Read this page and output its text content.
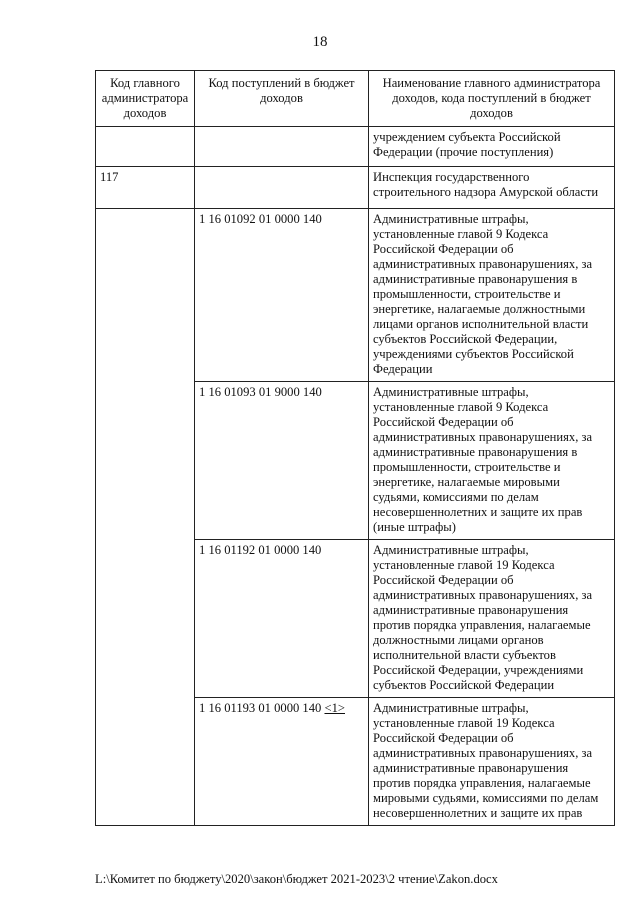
18
Код главного администратора доходов	Код поступлений в бюджет доходов	Наименование главного администратора доходов, кода поступлений в бюджет доходов
		учреждением субъекта Российской Федерации (прочие поступления)
117		Инспекция государственного строительного надзора Амурской области
	1 16 01092 01 0000 140	Административные штрафы, установленные главой 9 Кодекса Российской Федерации об административных правонарушениях, за административные правонарушения в промышленности, строительстве и энергетике, налагаемые должностными лицами органов исполнительной власти субъектов Российской Федерации, учреждениями субъектов Российской Федерации
	1 16 01093 01 9000 140	Административные штрафы, установленные главой 9 Кодекса Российской Федерации об административных правонарушениях, за административные правонарушения в промышленности, строительстве и энергетике, налагаемые мировыми судьями, комиссиями по делам несовершеннолетних и защите их прав (иные штрафы)
	1 16 01192 01 0000 140	Административные штрафы, установленные главой 19 Кодекса Российской Федерации об административных правонарушениях, за административные правонарушения против порядка управления, налагаемые должностными лицами органов исполнительной власти субъектов Российской Федерации, учреждениями субъектов Российской Федерации
	1 16 01193 01 0000 140 <1>	Административные штрафы, установленные главой 19 Кодекса Российской Федерации об административных правонарушениях, за административные правонарушения против порядка управления, налагаемые мировыми судьями, комиссиями по делам несовершеннолетних и защите их прав
L:\Комитет по бюджету\2020\закон\бюджет 2021-2023\2 чтение\Zakon.docx
